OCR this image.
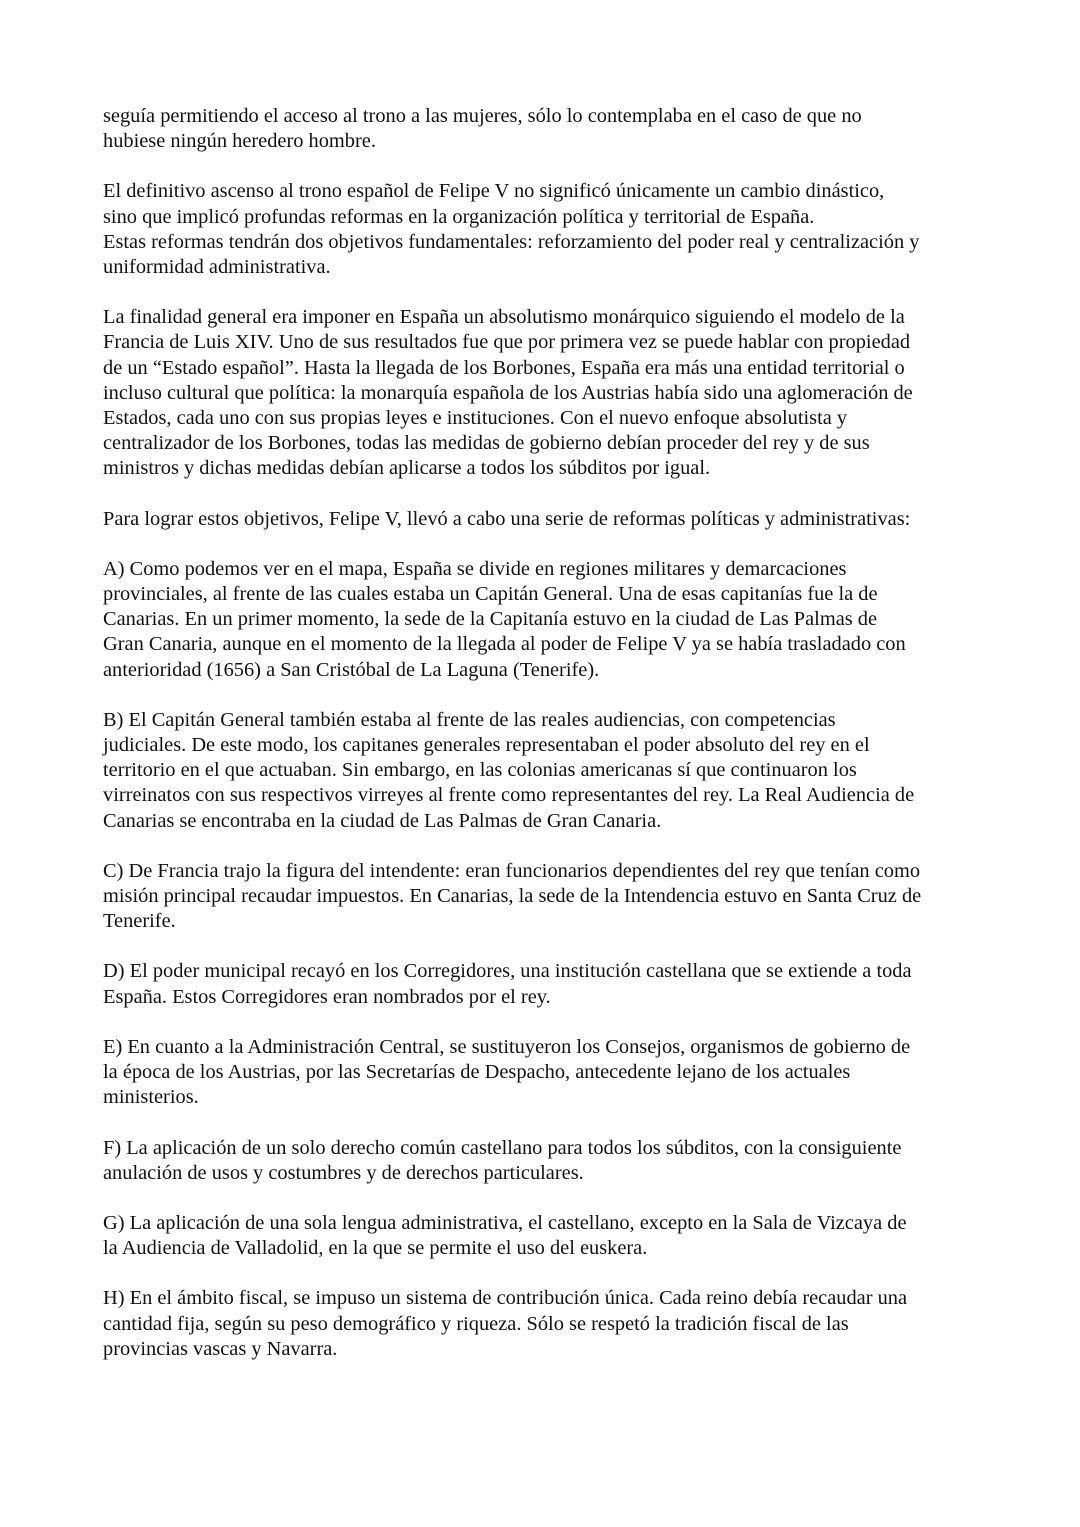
seguía permitiendo el acceso al trono a las mujeres, sólo lo contemplaba en el caso de que no
hubiese ningún heredero hombre.

El definitivo ascenso al trono español de Felipe V no significó únicamente un cambio dinástico,
sino que implicó profundas reformas en la organización política y territorial de España.
Estas reformas tendrán dos objetivos fundamentales: reforzamiento del poder real y centralización y
uniformidad administrativa.

La finalidad general era imponer en España un absolutismo monárquico siguiendo el modelo de la
Francia de Luis XIV. Uno de sus resultados fue que por primera vez se puede hablar con propiedad
de un “Estado español”. Hasta la llegada de los Borbones, España era más una entidad territorial o
incluso cultural que política: la monarquía española de los Austrias había sido una aglomeración de
Estados, cada uno con sus propias leyes e instituciones. Con el nuevo enfoque absolutista y
centralizador de los Borbones, todas las medidas de gobierno debían proceder del rey y de sus
ministros y dichas medidas debían aplicarse a todos los súbditos por igual.

Para lograr estos objetivos, Felipe V, llevó a cabo una serie de reformas políticas y administrativas:

A) Como podemos ver en el mapa, España se divide en regiones militares y demarcaciones
provinciales, al frente de las cuales estaba un Capitán General. Una de esas capitanías fue la de
Canarias. En un primer momento, la sede de la Capitanía estuvo en la ciudad de Las Palmas de
Gran Canaria, aunque en el momento de la llegada al poder de Felipe V ya se había trasladado con
anterioridad (1656) a San Cristóbal de La Laguna (Tenerife).

B) El Capitán General también estaba al frente de las reales audiencias, con competencias
judiciales. De este modo, los capitanes generales representaban el poder absoluto del rey en el
territorio en el que actuaban. Sin embargo, en las colonias americanas sí que continuaron los
virreinatos con sus respectivos virreyes al frente como representantes del rey. La Real Audiencia de
Canarias se encontraba en la ciudad de Las Palmas de Gran Canaria.

C) De Francia trajo la figura del intendente: eran funcionarios dependientes del rey que tenían como
misión principal recaudar impuestos. En Canarias, la sede de la Intendencia estuvo en Santa Cruz de
Tenerife.

D) El poder municipal recayó en los Corregidores, una institución castellana que se extiende a toda
España. Estos Corregidores eran nombrados por el rey.

E) En cuanto a la Administración Central, se sustituyeron los Consejos, organismos de gobierno de
la época de los Austrias, por las Secretarías de Despacho, antecedente lejano de los actuales
ministerios.

F) La aplicación de un solo derecho común castellano para todos los súbditos, con la consiguiente
anulación de usos y costumbres y de derechos particulares.

G) La aplicación de una sola lengua administrativa, el castellano, excepto en la Sala de Vizcaya de
la Audiencia de Valladolid, en la que se permite el uso del euskera.

H) En el ámbito fiscal, se impuso un sistema de contribución única. Cada reino debía recaudar una
cantidad fija, según su peso demográfico y riqueza. Sólo se respetó la tradición fiscal de las
provincias vascas y Navarra.
